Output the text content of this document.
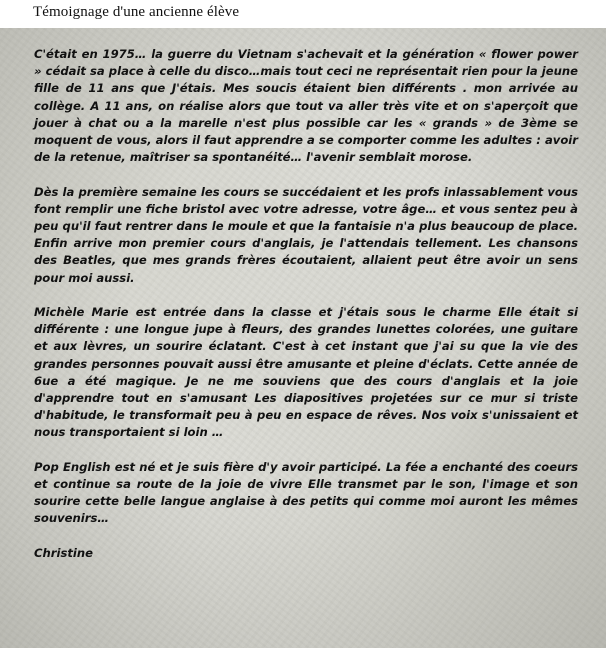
Témoignage d'une ancienne élève

C'était en 1975… la guerre du Vietnam s'achevait et la génération « flower power » cédait sa place à celle du disco…mais tout ceci ne représentait rien pour la jeune fille de 11 ans que J'étais. Mes soucis étaient bien différents . mon arrivée au collège. A 11 ans, on réalise alors que tout va aller très vite et on s'aperçoit que jouer à chat ou a la marelle n'est plus possible car les « grands » de 3ème se moquent de vous, alors il faut apprendre a se comporter comme les adultes : avoir de la retenue, maîtriser sa spontanéité… l'avenir semblait morose.

Dès la première semaine les cours se succédaient et les profs inlassablement vous font remplir une fiche bristol avec votre adresse, votre âge… et vous sentez peu à peu qu'il faut rentrer dans le moule et que la fantaisie n'a plus beaucoup de place. Enfin arrive mon premier cours d'anglais, je l'attendais tellement. Les chansons des Beatles, que mes grands frères écoutaient, allaient peut être avoir un sens pour moi aussi.

Michèle Marie est entrée dans la classe et j'étais sous le charme Elle était si différente : une longue jupe à fleurs, des grandes lunettes colorées, une guitare et aux lèvres, un sourire éclatant. C'est à cet instant que j'ai su que la vie des grandes personnes pouvait aussi être amusante et pleine d'éclats. Cette année de 6ue a été magique. Je ne me souviens que des cours d'anglais et la joie d'apprendre tout en s'amusant Les diapositives projetées sur ce mur si triste d'habitude, le transformait peu à peu en espace de rêves. Nos voix s'unissaient et nous transportaient si loin …

Pop English est né et je suis fière d'y avoir participé. La fée a enchanté des coeurs et continue sa route de la joie de vivre Elle transmet par le son, l'image et son sourire cette belle langue anglaise à des petits qui comme moi auront les mêmes souvenirs…

Christine
